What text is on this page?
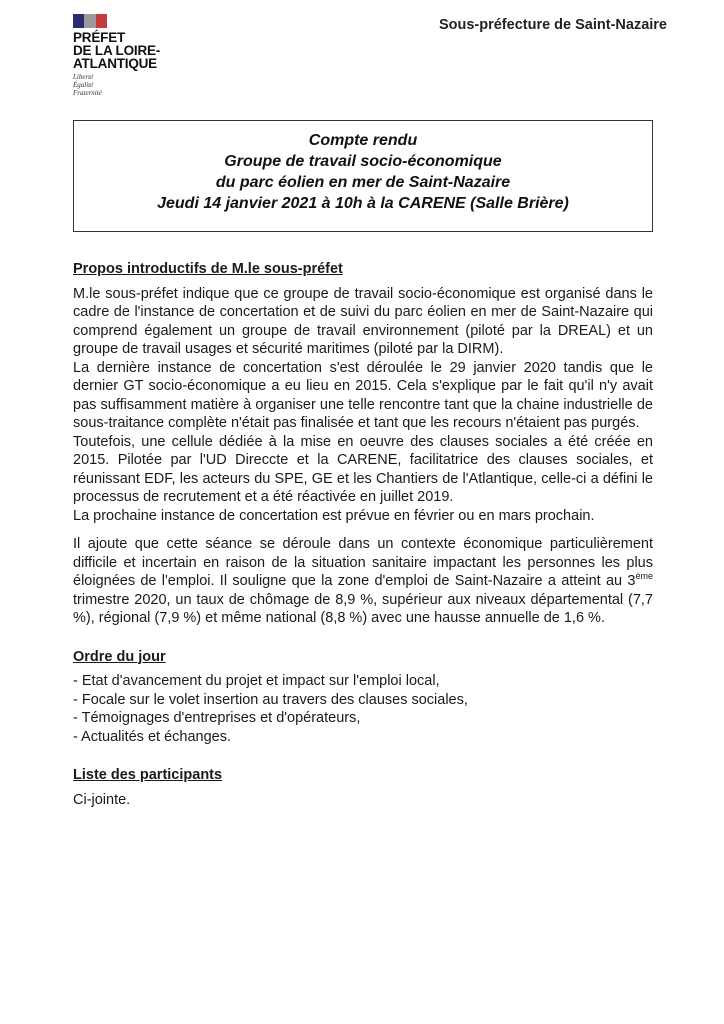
PRÉFET
DE LA LOIRE-
ATLANTIQUE
Liberté
Égalité
Fraternité
Sous-préfecture de Saint-Nazaire
Compte rendu
Groupe de travail socio-économique
du parc éolien en mer de Saint-Nazaire
Jeudi 14 janvier 2021 à 10h à la CARENE (Salle Brière)
Propos introductifs de M.le sous-préfet

M.le sous-préfet indique que ce groupe de travail socio-économique est organisé dans le cadre de l'instance de concertation et de suivi du parc éolien en mer de Saint-Nazaire qui comprend également un groupe de travail environnement (piloté par la DREAL) et un groupe de travail usages et sécurité maritimes (piloté par la DIRM).

La dernière instance de concertation s'est déroulée le 29 janvier 2020 tandis que le dernier GT socio-économique a eu lieu en 2015. Cela s'explique par le fait qu'il n'y avait pas suffisamment matière à organiser une telle rencontre tant que la chaine industrielle de sous-traitance complète n'était pas finalisée et tant que les recours n'étaient pas purgés.

Toutefois, une cellule dédiée à la mise en oeuvre des clauses sociales a été créée en 2015. Pilotée par l'UD Direccte et la CARENE, facilitatrice des clauses sociales, et réunissant EDF, les acteurs du SPE, GE et les Chantiers de l'Atlantique, celle-ci a défini le processus de recrutement et a été réactivée en juillet 2019.

La prochaine instance de concertation est prévue en février ou en mars prochain.

Il ajoute que cette séance se déroule dans un contexte économique particulièrement difficile et incertain en raison de la situation sanitaire impactant les personnes les plus éloignées de l'emploi. Il souligne que la zone d'emploi de Saint-Nazaire a atteint au 3ème trimestre 2020, un taux de chômage de 8,9 %, supérieur aux niveaux départemental (7,7 %), régional (7,9 %) et même national (8,8 %) avec une hausse annuelle de 1,6 %.

Ordre du jour
- Etat d'avancement du projet et impact sur l'emploi local,
- Focale sur le volet insertion au travers des clauses sociales,
- Témoignages d'entreprises et d'opérateurs,
- Actualités et échanges.
Liste des participants
Ci-jointe.
